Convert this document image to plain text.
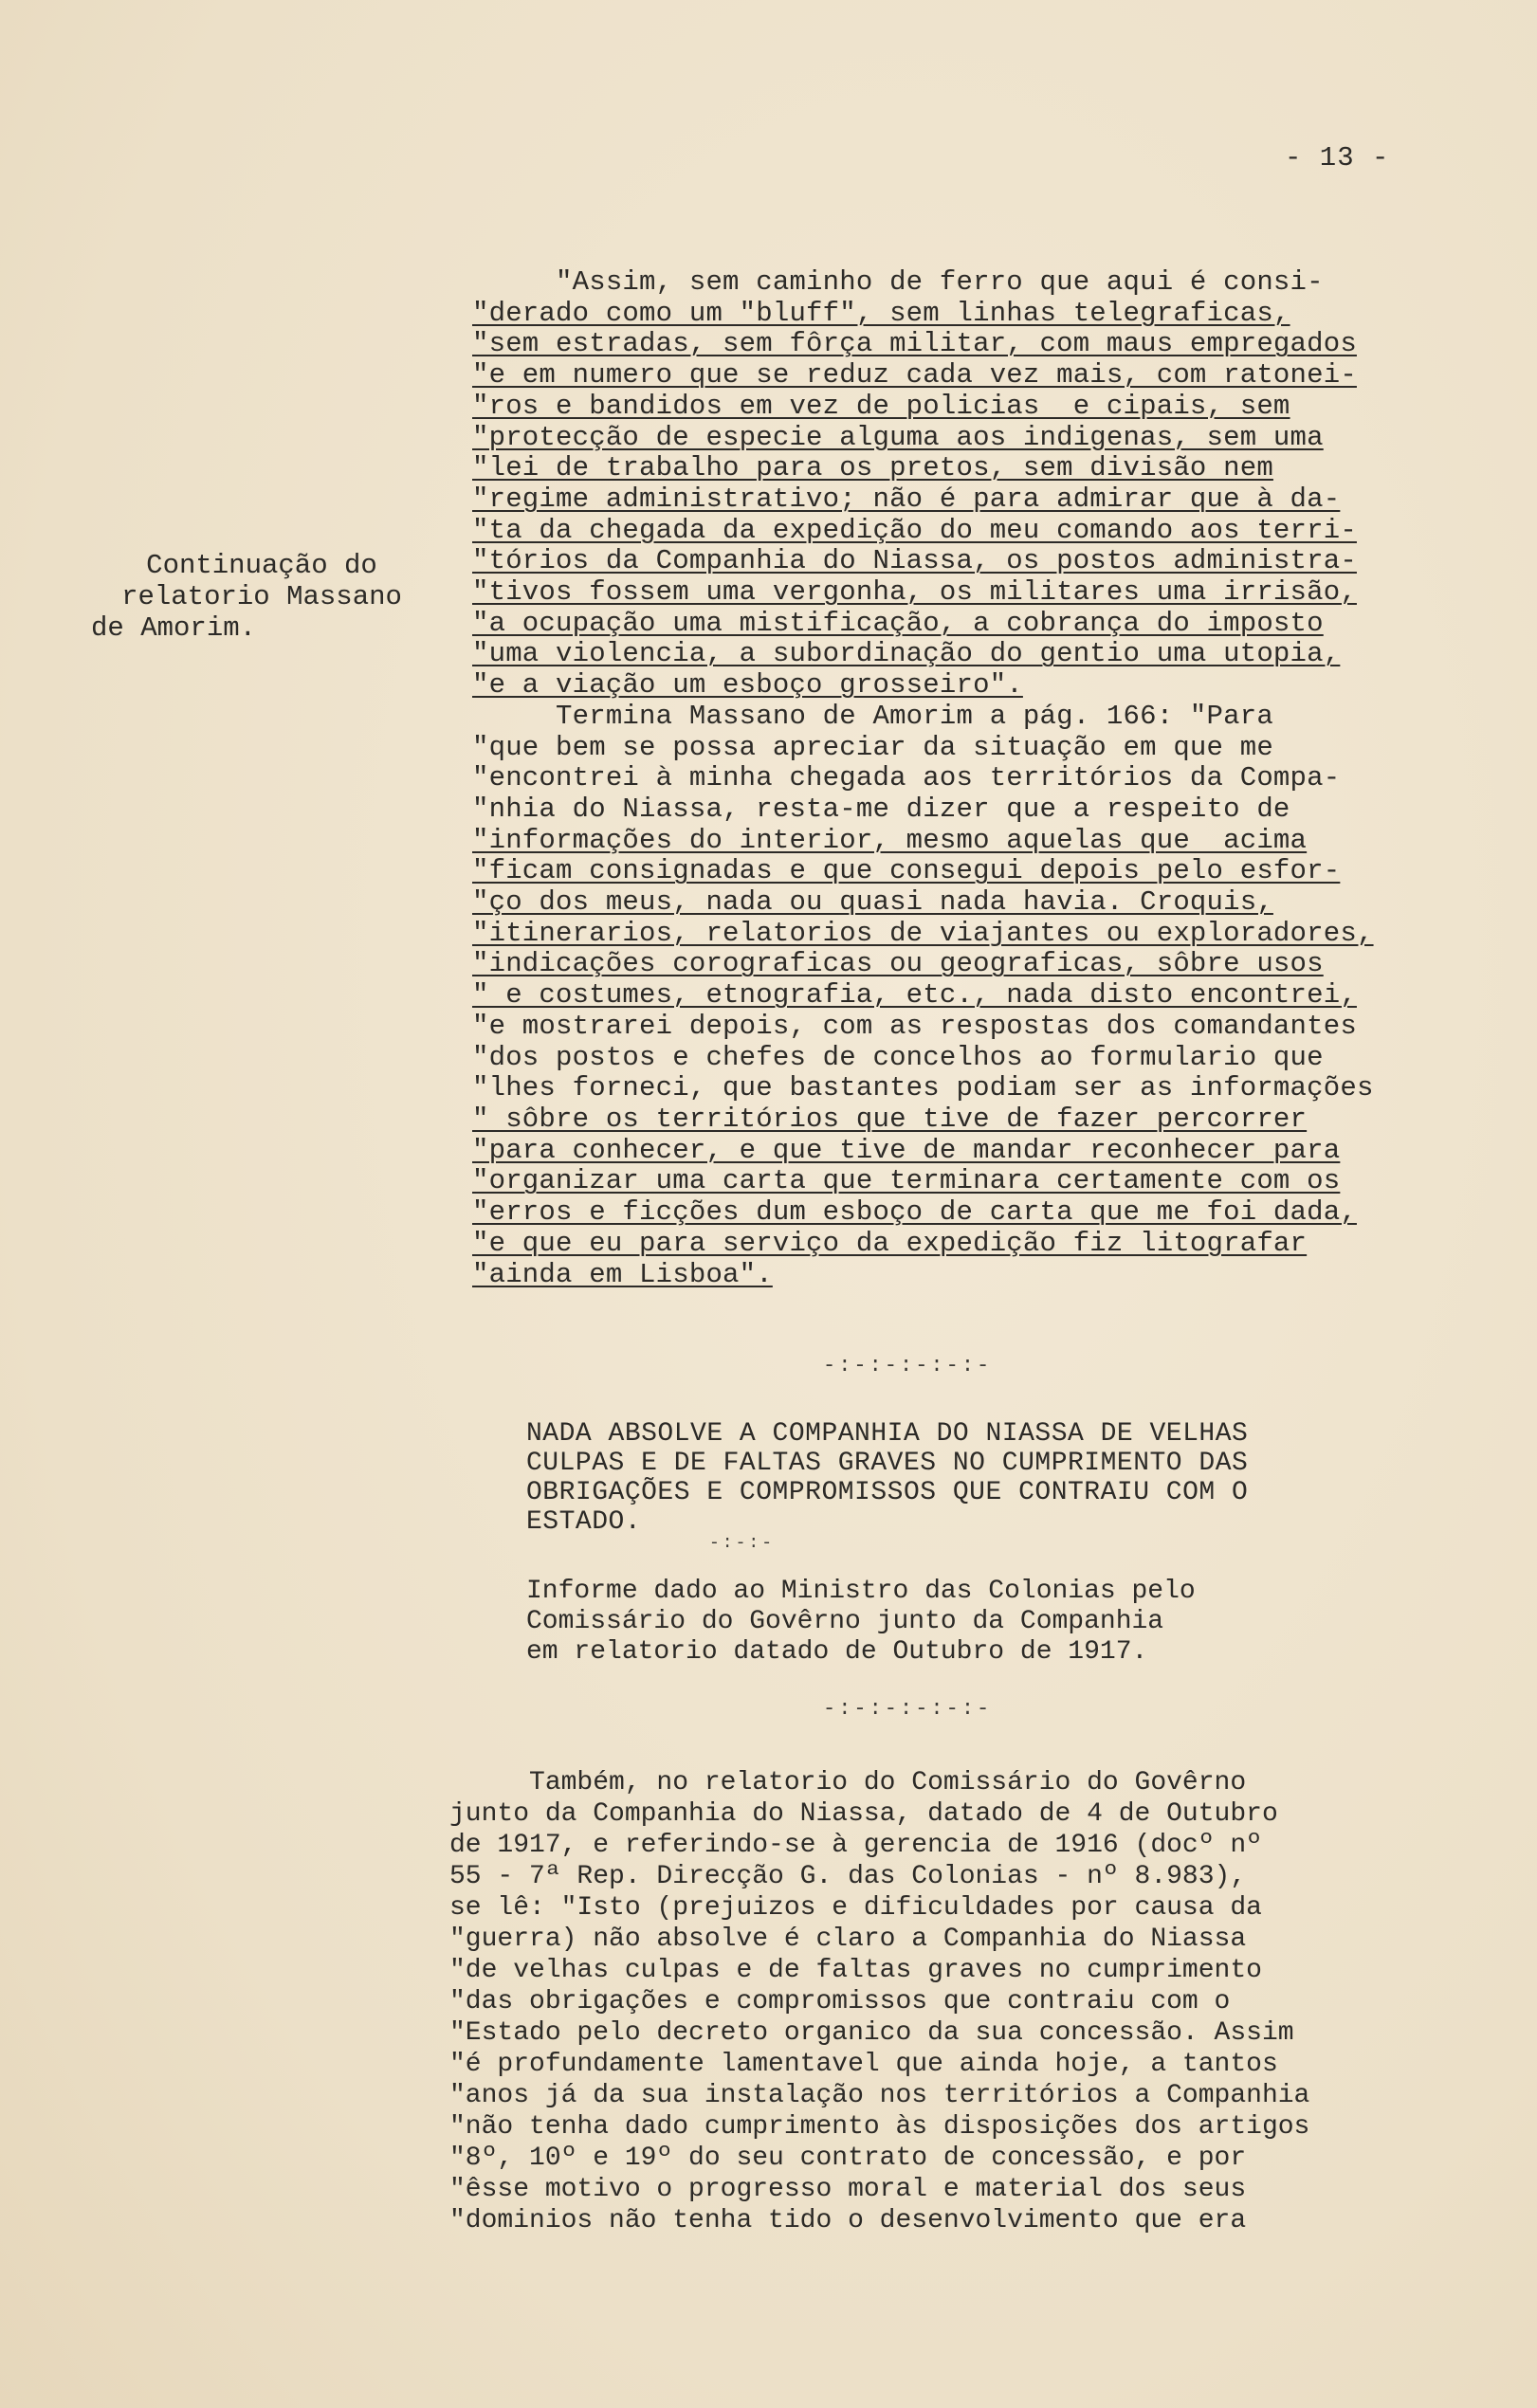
- 13 -
Continuação do
relatorio Massano
de Amorim.
"Assim, sem caminho de ferro que aqui é consi-
"derado como um "bluff", sem linhas telegraficas,
"sem estradas, sem fôrça militar, com maus empregados
"e em numero que se reduz cada vez mais, com ratonei-
"ros e bandidos em vez de policias  e cipais, sem
"protecção de especie alguma aos indigenas, sem uma
"lei de trabalho para os pretos, sem divisão nem
"regime administrativo; não é para admirar que à da-
"ta da chegada da expedição do meu comando aos terri-
"tórios da Companhia do Niassa, os postos administra-
"tivos fossem uma vergonha, os militares uma irrisão,
"a ocupação uma mistificação, a cobrança do imposto
"uma violencia, a subordinação do gentio uma utopia,
"e a viação um esboço grosseiro".
Termina Massano de Amorim a pág. 166: "Para
"que bem se possa apreciar da situação em que me
"encontrei à minha chegada aos territórios da Compa-
"nhia do Niassa, resta-me dizer que a respeito de
"informações do interior, mesmo aquelas que  acima
"ficam consignadas e que consegui depois pelo esfor-
"ço dos meus, nada ou quasi nada havia. Croquis,
"itinerarios, relatorios de viajantes ou exploradores,
"indicações corograficas ou geograficas, sôbre usos
" e costumes, etnografia, etc., nada disto encontrei,
"e mostrarei depois, com as respostas dos comandantes
"dos postos e chefes de concelhos ao formulario que
"lhes forneci, que bastantes podiam ser as informações
" sôbre os territórios que tive de fazer percorrer
"para conhecer, e que tive de mandar reconhecer para
"organizar uma carta que terminara certamente com os
"erros e ficções dum esboço de carta que me foi dada,
"e que eu para serviço da expedição fiz litografar
"ainda em Lisboa".
-:-:-:-:-:-
NADA ABSOLVE A COMPANHIA DO NIASSA DE VELHAS
CULPAS E DE FALTAS GRAVES NO CUMPRIMENTO DAS
OBRIGAÇÕES E COMPROMISSOS QUE CONTRAIU COM O
ESTADO.
-:-:-
Informe dado ao Ministro das Colonias pelo
Comissário do Govêrno junto da Companhia
em relatorio datado de Outubro de 1917.
-:-:-:-:-:-
Também, no relatorio do Comissário do Govêrno
junto da Companhia do Niassa, datado de 4 de Outubro
de 1917, e referindo-se à gerencia de 1916 (docº nº
55 - 7ª Rep. Direcção G. das Colonias - nº 8.983),
se lê: "Isto (prejuizos e dificuldades por causa da
"guerra) não absolve é claro a Companhia do Niassa
"de velhas culpas e de faltas graves no cumprimento
"das obrigações e compromissos que contraiu com o
"Estado pelo decreto organico da sua concessão. Assim
"é profundamente lamentavel que ainda hoje, a tantos
"anos já da sua instalação nos territórios a Companhia
"não tenha dado cumprimento às disposições dos artigos
"8º, 10º e 19º do seu contrato de concessão, e por
"êsse motivo o progresso moral e material dos seus
"dominios não tenha tido o desenvolvimento que era
